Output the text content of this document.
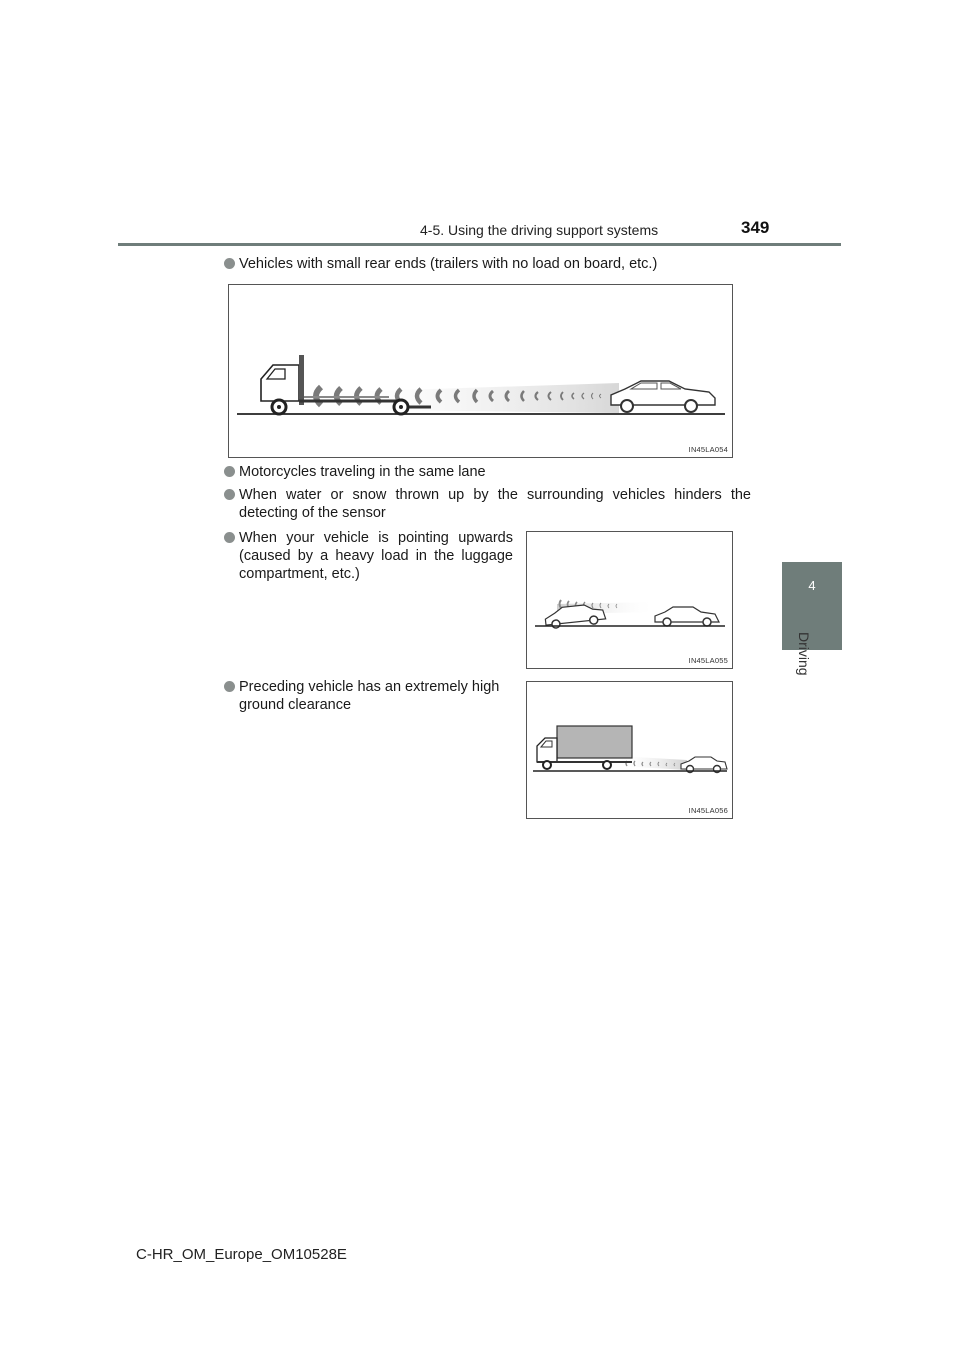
4-5. Using the driving support systems	349
4
Driving
Vehicles with small rear ends (trailers with no load on board, etc.)
IN45LA054
Motorcycles traveling in the same lane
When water or snow thrown up by the surrounding vehicles hinders the detecting of the sensor
When your vehicle is pointing upwards (caused by a heavy load in the luggage compartment, etc.)
IN45LA055
Preceding vehicle has an extremely high ground clearance
IN45LA056
C-HR_OM_Europe_OM10528E
